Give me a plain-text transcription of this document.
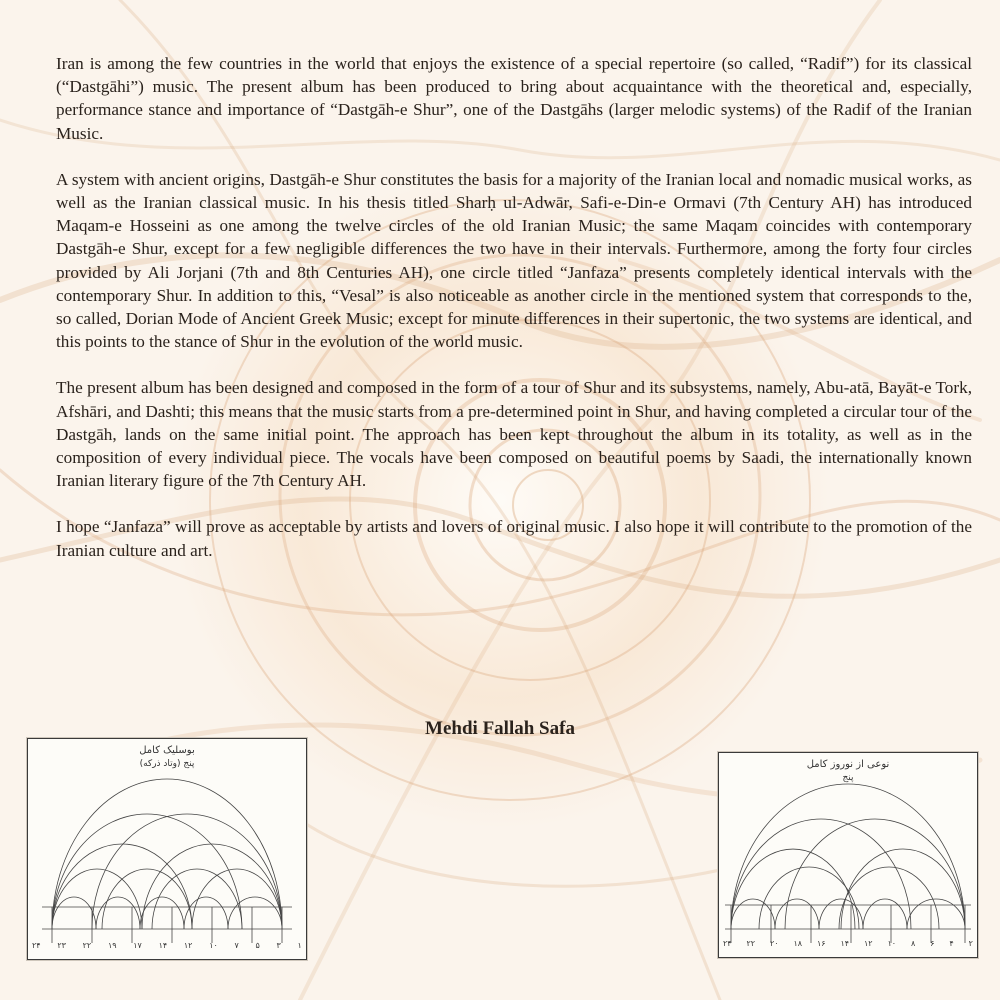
Iran is among the few countries in the world that enjoys the existence of a special repertoire (so called, “Radif”) for its classical (“Dastgāhi”) music. The present album has been produced to bring about acquaintance with the theoretical and, especially, performance stance and importance of “Dastgāh-e Shur”, one of the Dastgāhs (larger melodic systems) of the Radif of the Iranian Music.

A system with ancient origins, Dastgāh-e Shur constitutes the basis for a majority of the Iranian local and nomadic musical works, as well as the Iranian classical music. In his thesis titled Sharḥ ul-Adwār, Safi-e-Din-e Ormavi (7th Century AH) has introduced Maqam-e Hosseini as one among the twelve circles of the old Iranian Music; the same Maqam coincides with contemporary Dastgāh-e Shur, except for a few negligible differences the two have in their intervals. Furthermore, among the forty four circles provided by Ali Jorjani (7th and 8th Centuries AH), one circle titled “Janfaza” presents completely identical intervals with the contemporary Shur. In addition to this, “Vesal” is also noticeable as another circle in the mentioned system that corresponds to the, so called, Dorian Mode of Ancient Greek Music; except for minute differences in their supertonic, the two systems are identical, and this points to the stance of Shur in the evolution of the world music.

The present album has been designed and composed in the form of a tour of Shur and its subsystems, namely, Abu-atā, Bayāt-e Tork, Afshāri, and Dashti; this means that the music starts from a pre-determined point in Shur, and having completed a circular tour of the Dastgāh, lands on the same initial point. The approach has been kept throughout the album in its totality, as well as in the composition of every individual piece. The vocals have been composed on beautiful poems by Saadi, the internationally known Iranian literary figure of the 7th Century AH.

I hope “Janfaza” will prove as acceptable by artists and lovers of original music. I also hope it will contribute to the promotion of the Iranian culture and art.

Mehdi Fallah Safa
بوسلیک کامل
پنج (وتاد ذركه)
۲۴ ۲۳ ۲۲ ۱۹ ۱۷ ۱۴ ۱۲ ۱۰ ۷ ۵ ۳ ۱
نوعی از نوروز کامل
پنج
۲۴ ۲۲ ۲۰ ۱۸ ۱۶ ۱۴ ۱۲ ۱۰ ۸ ۶ ۴ ۲
